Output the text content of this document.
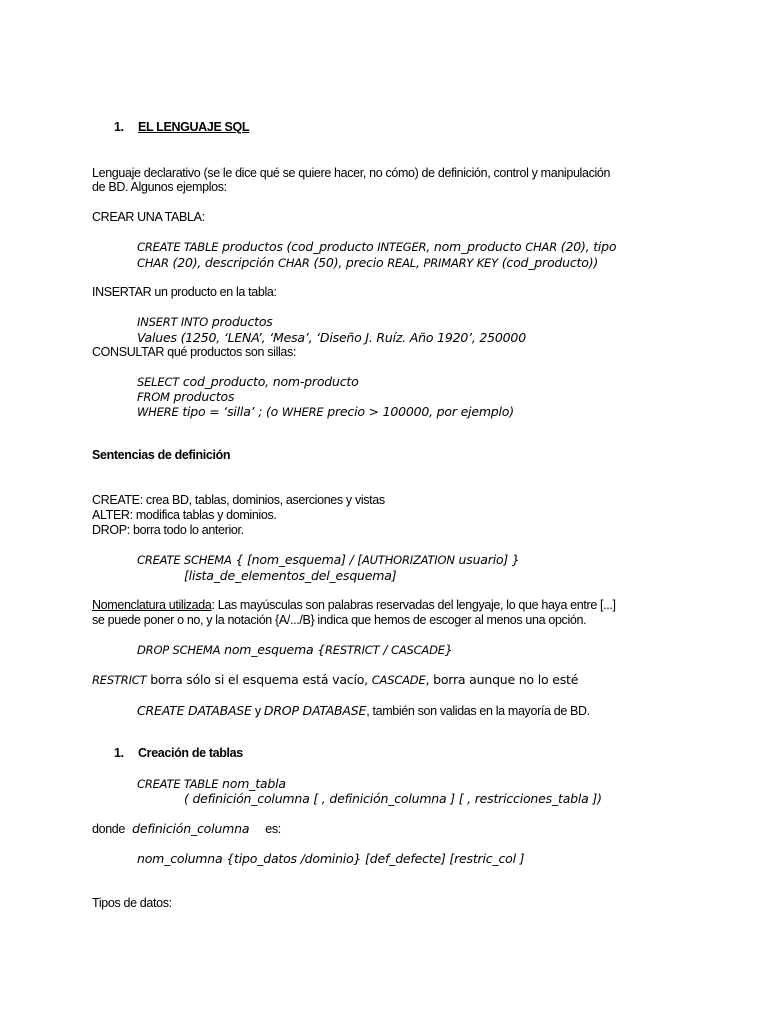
1. EL LENGUAJE SQL
Lenguaje declarativo (se le dice qué se quiere hacer, no cómo) de definición, control y manipulación
de BD. Algunos ejemplos:
CREAR UNA TABLA:
CREATE TABLE productos (cod_producto INTEGER, nom_producto CHAR (20), tipo
CHAR (20), descripción CHAR (50), precio REAL, PRIMARY KEY (cod_producto))
INSERTAR un producto en la tabla:
INSERT INTO productos
Values (1250, ‘LENA’, ‘Mesa’, ‘Diseño J. Ruíz. Año 1920’, 250000
CONSULTAR qué productos son sillas:
SELECT cod_producto, nom-producto
FROM productos
WHERE tipo = ‘silla’ ; (o WHERE precio > 100000, por ejemplo)
Sentencias de definición
CREATE: crea BD, tablas, dominios, aserciones y vistas
ALTER: modifica tablas y dominios.
DROP: borra todo lo anterior.
CREATE SCHEMA { [nom_esquema] / [AUTHORIZATION usuario] }
[lista_de_elementos_del_esquema]
Nomenclatura utilizada: Las mayúsculas son palabras reservadas del lengyaje, lo que haya entre [...]
se puede poner o no, y la notación {A/.../B} indica que hemos de escoger al menos una opción.
DROP SCHEMA nom_esquema {RESTRICT / CASCADE}
RESTRICT borra sólo si el esquema está vacío, CASCADE, borra aunque no lo esté
CREATE DATABASE y DROP DATABASE, también son validas en la mayoría de BD.
1. Creación de tablas
CREATE TABLE nom_tabla
( definición_columna [ , definición_columna ] [ , restricciones_tabla ])
donde definición_columna es:
nom_columna {tipo_datos /dominio} [def_defecte] [restric_col ]
Tipos de datos:
